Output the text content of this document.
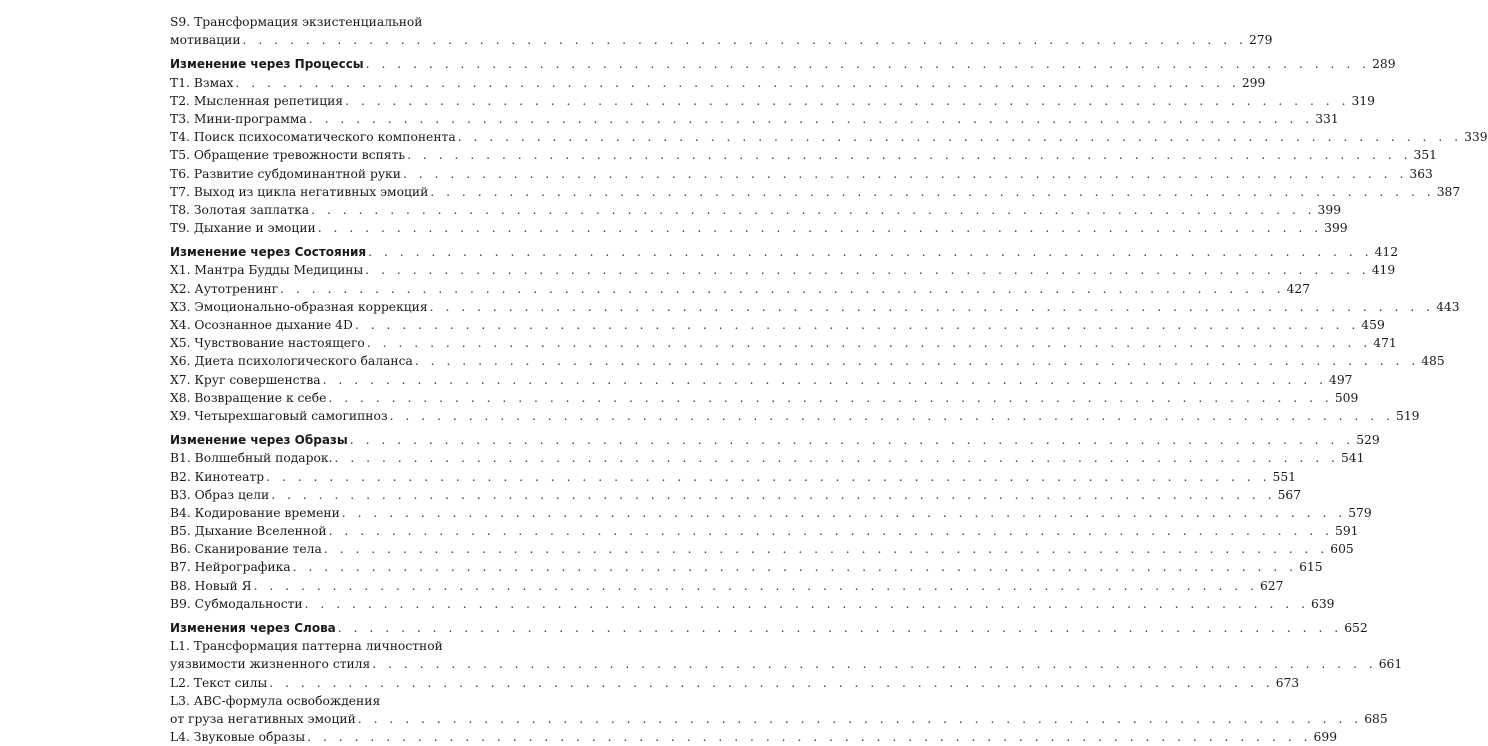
S9. Трансформация экзистенциальной
мотивации . . . . . . . . . . . . . . . . . . . . . . . . . . . . . . . . . . . . . . . . . . . . . . . . . . . . . . . . . . . . . . . . 279
Изменение через Процессы . . . . . . . . . . . . . . . . . . . . . . . . . . . . . . . . . . . . . . . . . . . . . . . . . . . . . . . . . . . . . . . . 289
Т1. Взмах . . . . . . . . . . . . . . . . . . . . . . . . . . . . . . . . . . . . . . . . . . . . . . . . . . . . . . . . . . . . . . . . 299
Т2. Мысленная репетиция . . . . . . . . . . . . . . . . . . . . . . . . . . . . . . . . . . . . . . . . . . . . . . . . . . . . . . . . . . . . . . . . 319
Т3. Мини-программа . . . . . . . . . . . . . . . . . . . . . . . . . . . . . . . . . . . . . . . . . . . . . . . . . . . . . . . . . . . . . . . . 331
Т4. Поиск психосоматического компонента . . . . . . . . . . . . . . . . . . . . . . . . . . . . . . . . . . . . . . . . . . . . . . . . . . . . . . . . . . . . . . . . 339
Т5. Обращение тревожности вспять . . . . . . . . . . . . . . . . . . . . . . . . . . . . . . . . . . . . . . . . . . . . . . . . . . . . . . . . . . . . . . . . 351
Т6. Развитие субдоминантной руки . . . . . . . . . . . . . . . . . . . . . . . . . . . . . . . . . . . . . . . . . . . . . . . . . . . . . . . . . . . . . . . . 363
Т7. Выход из цикла негативных эмоций . . . . . . . . . . . . . . . . . . . . . . . . . . . . . . . . . . . . . . . . . . . . . . . . . . . . . . . . . . . . . . . . 387
Т8. Золотая заплатка . . . . . . . . . . . . . . . . . . . . . . . . . . . . . . . . . . . . . . . . . . . . . . . . . . . . . . . . . . . . . . . . 399
Т9. Дыхание и эмоции . . . . . . . . . . . . . . . . . . . . . . . . . . . . . . . . . . . . . . . . . . . . . . . . . . . . . . . . . . . . . . . . 399
Изменение через Состояния . . . . . . . . . . . . . . . . . . . . . . . . . . . . . . . . . . . . . . . . . . . . . . . . . . . . . . . . . . . . . . . . 412
Х1. Мантра Будды Медицины . . . . . . . . . . . . . . . . . . . . . . . . . . . . . . . . . . . . . . . . . . . . . . . . . . . . . . . . . . . . . . . . 419
Х2. Аутотренинг . . . . . . . . . . . . . . . . . . . . . . . . . . . . . . . . . . . . . . . . . . . . . . . . . . . . . . . . . . . . . . . . 427
Х3. Эмоционально-образная коррекция . . . . . . . . . . . . . . . . . . . . . . . . . . . . . . . . . . . . . . . . . . . . . . . . . . . . . . . . . . . . . . . . 443
Х4. Осознанное дыхание 4D . . . . . . . . . . . . . . . . . . . . . . . . . . . . . . . . . . . . . . . . . . . . . . . . . . . . . . . . . . . . . . . . 459
Х5. Чувствование настоящего . . . . . . . . . . . . . . . . . . . . . . . . . . . . . . . . . . . . . . . . . . . . . . . . . . . . . . . . . . . . . . . . 471
Х6. Диета психологического баланса . . . . . . . . . . . . . . . . . . . . . . . . . . . . . . . . . . . . . . . . . . . . . . . . . . . . . . . . . . . . . . . . 485
Х7. Круг совершенства . . . . . . . . . . . . . . . . . . . . . . . . . . . . . . . . . . . . . . . . . . . . . . . . . . . . . . . . . . . . . . . . 497
Х8. Возвращение к себе . . . . . . . . . . . . . . . . . . . . . . . . . . . . . . . . . . . . . . . . . . . . . . . . . . . . . . . . . . . . . . . . 509
Х9. Четырехшаговый самогипноз . . . . . . . . . . . . . . . . . . . . . . . . . . . . . . . . . . . . . . . . . . . . . . . . . . . . . . . . . . . . . . . . 519
Изменение через Образы . . . . . . . . . . . . . . . . . . . . . . . . . . . . . . . . . . . . . . . . . . . . . . . . . . . . . . . . . . . . . . . . 529
В1. Волшебный подарок. . . . . . . . . . . . . . . . . . . . . . . . . . . . . . . . . . . . . . . . . . . . . . . . . . . . . . . . . . . . . . . . . 541
В2. Кинотеатр . . . . . . . . . . . . . . . . . . . . . . . . . . . . . . . . . . . . . . . . . . . . . . . . . . . . . . . . . . . . . . . . 551
В3. Образ цели . . . . . . . . . . . . . . . . . . . . . . . . . . . . . . . . . . . . . . . . . . . . . . . . . . . . . . . . . . . . . . . . 567
В4. Кодирование времени . . . . . . . . . . . . . . . . . . . . . . . . . . . . . . . . . . . . . . . . . . . . . . . . . . . . . . . . . . . . . . . . 579
В5. Дыхание Вселенной . . . . . . . . . . . . . . . . . . . . . . . . . . . . . . . . . . . . . . . . . . . . . . . . . . . . . . . . . . . . . . . . 591
В6. Сканирование тела . . . . . . . . . . . . . . . . . . . . . . . . . . . . . . . . . . . . . . . . . . . . . . . . . . . . . . . . . . . . . . . . 605
В7. Нейрографика . . . . . . . . . . . . . . . . . . . . . . . . . . . . . . . . . . . . . . . . . . . . . . . . . . . . . . . . . . . . . . . . 615
В8. Новый Я . . . . . . . . . . . . . . . . . . . . . . . . . . . . . . . . . . . . . . . . . . . . . . . . . . . . . . . . . . . . . . . . 627
В9. Субмодальности . . . . . . . . . . . . . . . . . . . . . . . . . . . . . . . . . . . . . . . . . . . . . . . . . . . . . . . . . . . . . . . . 639
Изменения через Слова . . . . . . . . . . . . . . . . . . . . . . . . . . . . . . . . . . . . . . . . . . . . . . . . . . . . . . . . . . . . . . . . 652
L1. Трансформация паттерна личностной
уязвимости жизненного стиля . . . . . . . . . . . . . . . . . . . . . . . . . . . . . . . . . . . . . . . . . . . . . . . . . . . . . . . . . . . . . . . . 661
L2. Текст силы . . . . . . . . . . . . . . . . . . . . . . . . . . . . . . . . . . . . . . . . . . . . . . . . . . . . . . . . . . . . . . . . 673
L3. АВС-формула освобождения
от груза негативных эмоций . . . . . . . . . . . . . . . . . . . . . . . . . . . . . . . . . . . . . . . . . . . . . . . . . . . . . . . . . . . . . . . . 685
L4. Звуковые образы . . . . . . . . . . . . . . . . . . . . . . . . . . . . . . . . . . . . . . . . . . . . . . . . . . . . . . . . . . . . . . . . 699
